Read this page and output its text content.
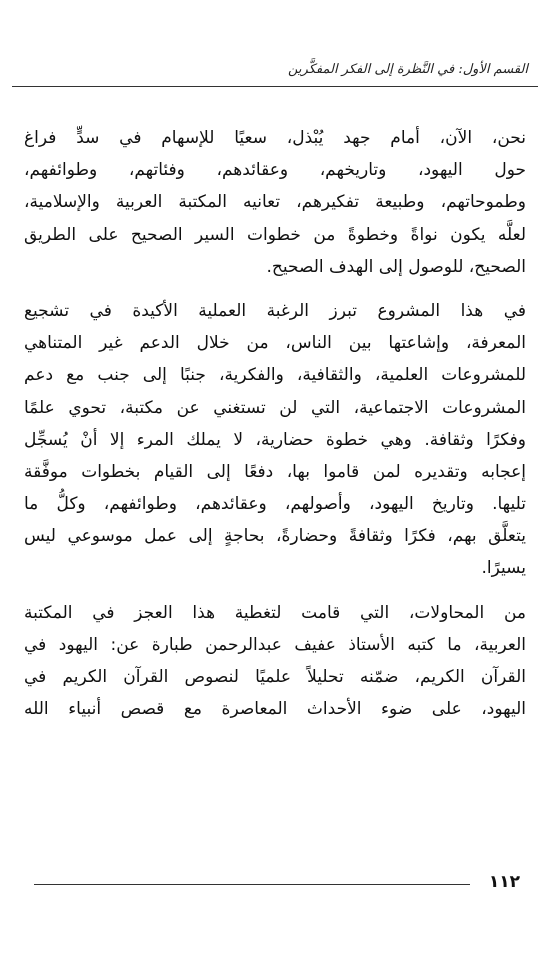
القسم الأول: في النَّظرة إلى الفكر المفكَّرين
نحن، الآن، أمام جهد يُبْذل، سعيًا للإسهام في سدٍّ فراغ
حول اليهود، وتاريخهم، وعقائدهم، وفئاتهم، وطوائفهم،
وطموحاتهم، وطبيعة تفكيرهم، تعانيه المكتبة العربية والإسلامية،
لعلَّه يكون نواةً وخطوةً من خطوات السير الصحيح على الطريق
الصحيح، للوصول إلى الهدف الصحيح.
في هذا المشروع تبرز الرغبة العملية الأكيدة في تشجيع
المعرفة، وإشاعتها بين الناس، من خلال الدعم غير المتناهي
للمشروعات العلمية، والثقافية، والفكرية، جنبًا إلى جنب مع دعم
المشروعات الاجتماعية، التي لن تستغني عن مكتبة، تحوي علمًا
وفكرًا وثقافة. وهي خطوة حضارية، لا يملك المرء إلا أنْ يُسجِّل
إعجابه وتقديره لمن قاموا بها، دفعًا إلى القيام بخطوات موفَّقة
تليها. وتاريخ اليهود، وأصولهم، وعقائدهم، وطوائفهم، وكلُّ ما
يتعلَّق بهم، فكرًا وثقافةً وحضارةً، بحاجةٍ إلى عمل موسوعي ليس
يسيرًا.
من المحاولات، التي قامت لتغطية هذا العجز في المكتبة
العربية، ما كتبه الأستاذ عفيف عبدالرحمن طبارة عن: اليهود في
القرآن الكريم، ضمّنه تحليلاً علميًا لنصوص القرآن الكريم في
اليهود، على ضوء الأحداث المعاصرة مع قصص أنبياء الله
١١٢
